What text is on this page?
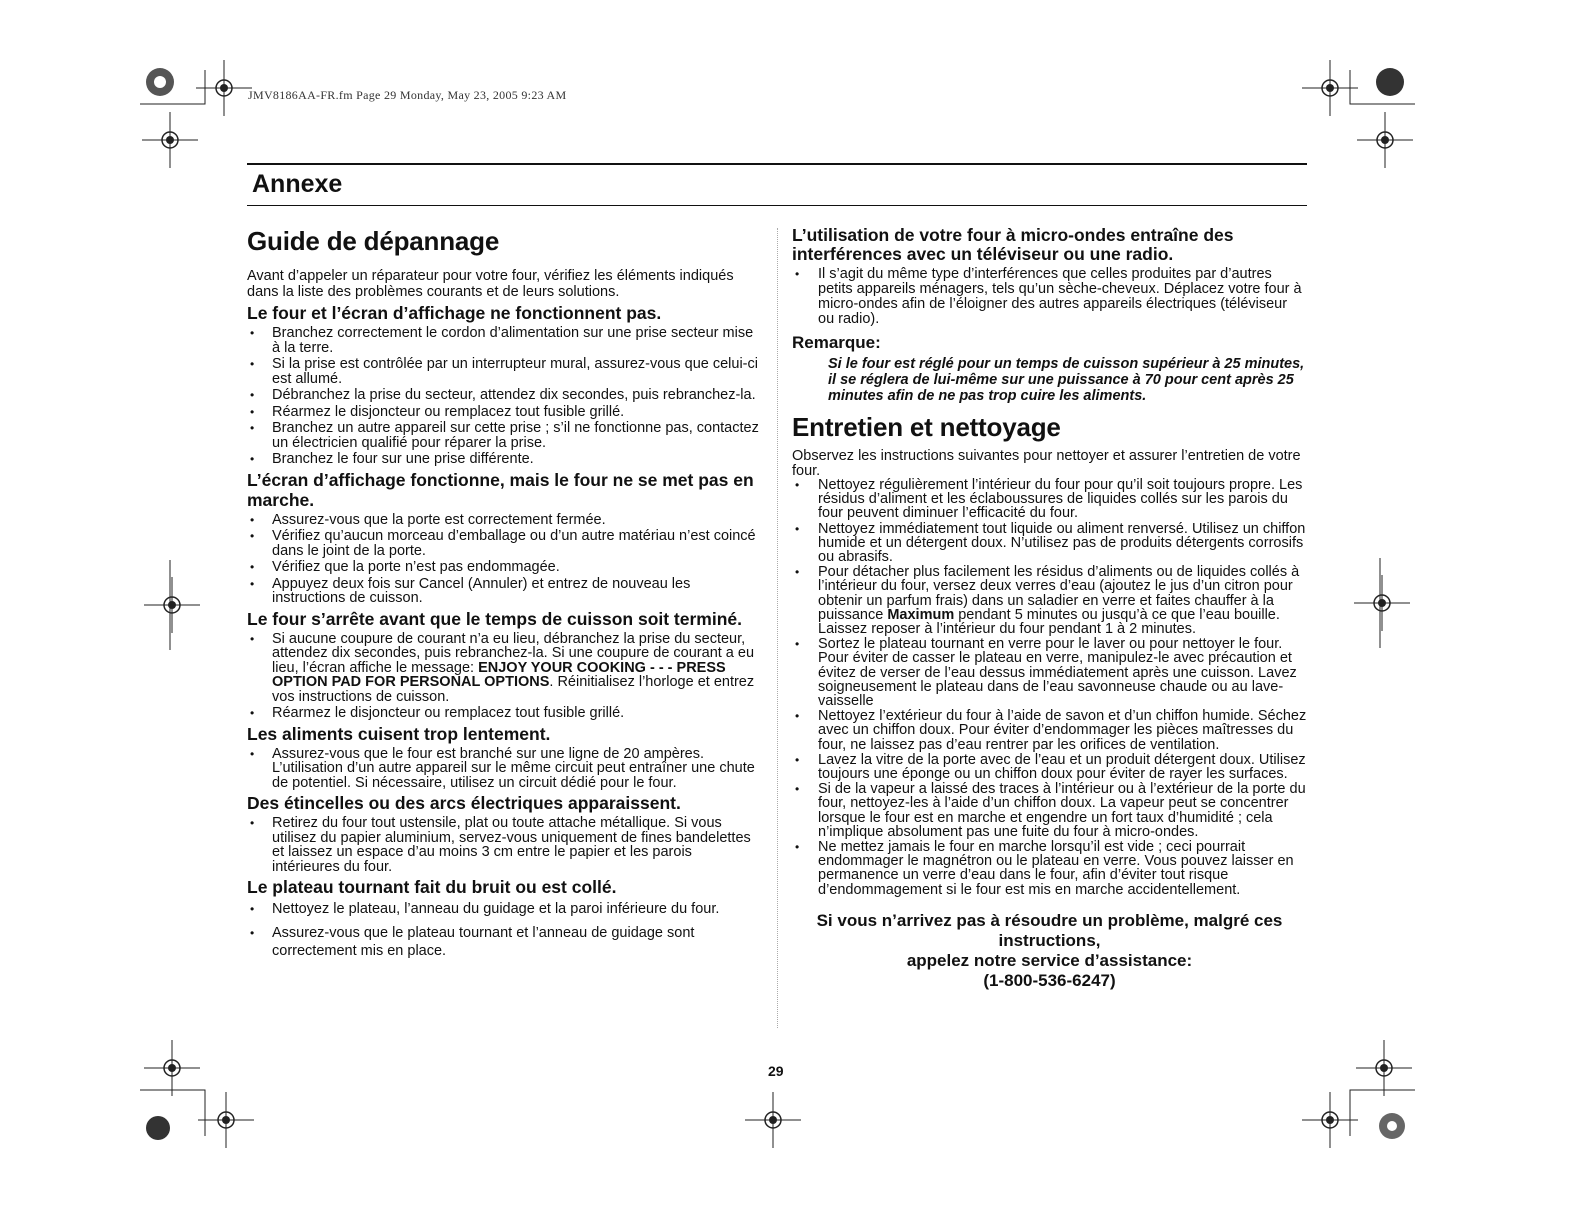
JMV8186AA-FR.fm Page 29 Monday, May 23, 2005 9:23 AM
Annexe
Guide de dépannage

Avant d’appeler un réparateur pour votre four, vérifiez les éléments indiqués dans la liste des problèmes courants et de leurs solutions.

Le four et l’écran d’affichage ne fonctionnent pas.
• Branchez correctement le cordon d’alimentation sur une prise secteur mise à la terre.
• Si la prise est contrôlée par un interrupteur mural, assurez-vous que celui-ci est allumé.
• Débranchez la prise du secteur, attendez dix secondes, puis rebranchez-la.
• Réarmez le disjoncteur ou remplacez tout fusible grillé.
• Branchez un autre appareil sur cette prise ; s’il ne fonctionne pas, contactez un électricien qualifié pour réparer la prise.
• Branchez le four sur une prise différente.
L’écran d’affichage fonctionne, mais le four ne se met pas en marche.
• Assurez-vous que la porte est correctement fermée.
• Vérifiez qu’aucun morceau d’emballage ou d’un autre matériau n’est coincé dans le joint de la porte.
• Vérifiez que la porte n’est pas endommagée.
• Appuyez deux fois sur Cancel (Annuler) et entrez de nouveau les instructions de cuisson.
Le four s’arrête avant que le temps de cuisson soit terminé.
• Si aucune coupure de courant n’a eu lieu, débranchez la prise du secteur, attendez dix secondes, puis rebranchez-la. Si une coupure de courant a eu lieu, l’écran affiche le message: ENJOY YOUR COOKING - - - PRESS OPTION PAD FOR PERSONAL OPTIONS. Réinitialisez l’horloge et entrez vos instructions de cuisson.
• Réarmez le disjoncteur ou remplacez tout fusible grillé.
Les aliments cuisent trop lentement.
• Assurez-vous que le four est branché sur une ligne de 20 ampères. L’utilisation d’un autre appareil sur le même circuit peut entraîner une chute de potentiel. Si nécessaire, utilisez un circuit dédié pour le four.
Des étincelles ou des arcs électriques apparaissent.
• Retirez du four tout ustensile, plat ou toute attache métallique. Si vous utilisez du papier aluminium, servez-vous uniquement de fines bandelettes et laissez un espace d’au moins 3 cm entre le papier et les parois intérieures du four.
Le plateau tournant fait du bruit ou est collé.
• Nettoyez le plateau, l’anneau du guidage et la paroi inférieure du four.
• Assurez-vous que le plateau tournant et l’anneau de guidage sont correctement mis en place.
L’utilisation de votre four à micro-ondes entraîne des interférences avec un téléviseur ou une radio.
• Il s’agit du même type d’interférences que celles produites par d’autres petits appareils ménagers, tels qu’un sèche-cheveux. Déplacez votre four à micro-ondes afin de l’éloigner des autres appareils électriques (téléviseur ou radio).
Remarque:

Si le four est réglé pour un temps de cuisson supérieur à 25 minutes, il se réglera de lui-même sur une puissance à 70 pour cent après 25 minutes afin de ne pas trop cuire les aliments.

Entretien et nettoyage

Observez les instructions suivantes pour nettoyer et assurer l’entretien de votre four.

• Nettoyez régulièrement l’intérieur du four pour qu’il soit toujours propre. Les résidus d’aliment et les éclaboussures de liquides collés sur les parois du four peuvent diminuer l’efficacité du four.
• Nettoyez immédiatement tout liquide ou aliment renversé. Utilisez un chiffon humide et un détergent doux. N’utilisez pas de produits détergents corrosifs ou abrasifs.
• Pour détacher plus facilement les résidus d’aliments ou de liquides collés à l’intérieur du four, versez deux verres d’eau (ajoutez le jus d’un citron pour obtenir un parfum frais) dans un saladier en verre et faites chauffer à la puissance Maximum pendant 5 minutes ou jusqu’à ce que l’eau bouille. Laissez reposer à l’intérieur du four pendant 1 à 2 minutes.
• Sortez le plateau tournant en verre pour le laver ou pour nettoyer le four. Pour éviter de casser le plateau en verre, manipulez-le avec précaution et évitez de verser de l’eau dessus immédiatement après une cuisson. Lavez soigneusement le plateau dans de l’eau savonneuse chaude ou au lave-vaisselle
• Nettoyez l’extérieur du four à l’aide de savon et d’un chiffon humide. Séchez avec un chiffon doux. Pour éviter d’endommager les pièces maîtresses du four, ne laissez pas d’eau rentrer par les orifices de ventilation.
• Lavez la vitre de la porte avec de l’eau et un produit détergent doux. Utilisez toujours une éponge ou un chiffon doux pour éviter de rayer les surfaces.
• Si de la vapeur a laissé des traces à l’intérieur ou à l’extérieur de la porte du four, nettoyez-les à l’aide d’un chiffon doux. La vapeur peut se concentrer lorsque le four est en marche et engendre un fort taux d’humidité ; cela n’implique absolument pas une fuite du four à micro-ondes.
• Ne mettez jamais le four en marche lorsqu’il est vide ; ceci pourrait endommager le magnétron ou le plateau en verre. Vous pouvez laisser en permanence un verre d’eau dans le four, afin d’éviter tout risque d’endommagement si le four est mis en marche accidentellement.
Si vous n’arrivez pas à résoudre un problème, malgré ces instructions,
appelez notre service d’assistance:
(1-800-536-6247)
29
